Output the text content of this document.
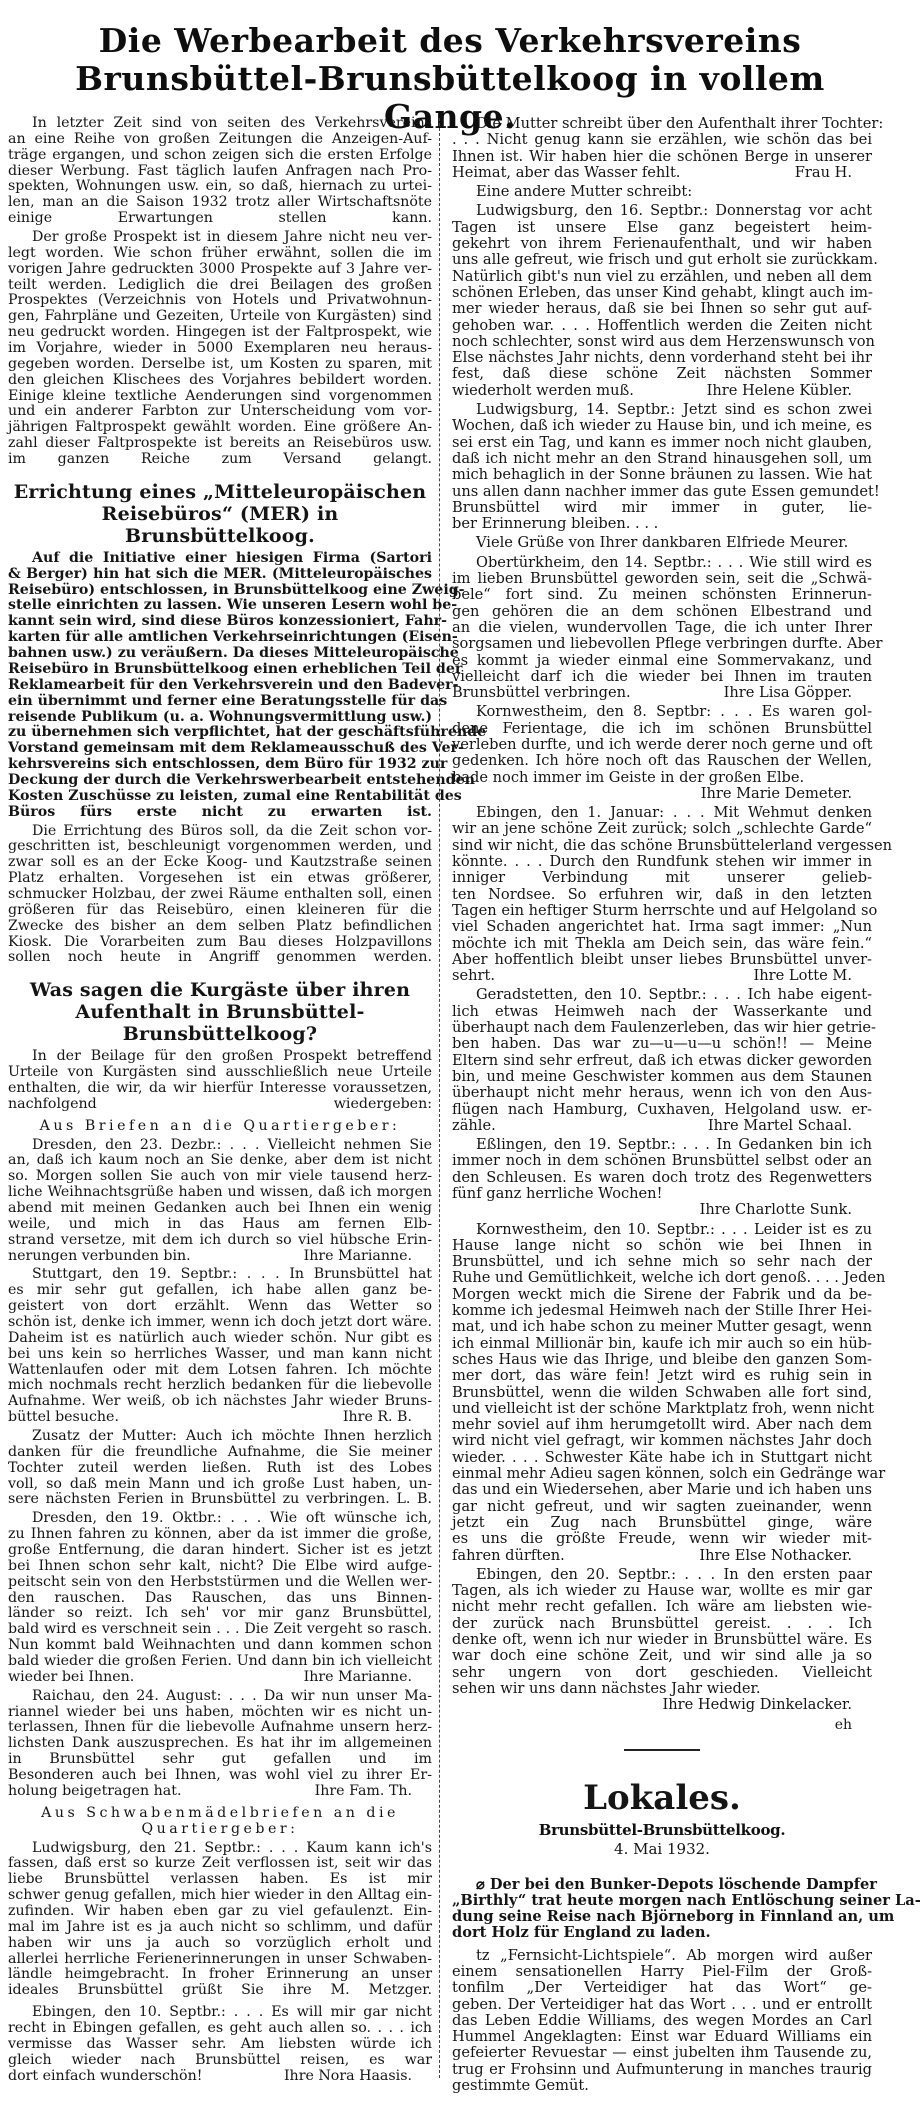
Die Werbearbeit des Verkehrsvereins
Brunsbüttel-Brunsbüttelkoog in vollem Gange.
In letzter Zeit sind von seiten des Verkehrsvereins
an eine Reihe von großen Zeitungen die Anzeigen-Auf-
träge ergangen, und schon zeigen sich die ersten Erfolge
dieser Werbung. Fast täglich laufen Anfragen nach Pro-
spekten, Wohnungen usw. ein, so daß, hiernach zu urtei-
len, man an die Saison 1932 trotz aller Wirtschaftsnöte
einige Erwartungen stellen kann.
Der große Prospekt ist in diesem Jahre nicht neu ver-
legt worden. Wie schon früher erwähnt, sollen die im
vorigen Jahre gedruckten 3000 Prospekte auf 3 Jahre ver-
teilt werden. Lediglich die drei Beilagen des großen
Prospektes (Verzeichnis von Hotels und Privatwohnun-
gen, Fahrpläne und Gezeiten, Urteile von Kurgästen) sind
neu gedruckt worden. Hingegen ist der Faltprospekt, wie
im Vorjahre, wieder in 5000 Exemplaren neu heraus-
gegeben worden. Derselbe ist, um Kosten zu sparen, mit
den gleichen Klischees des Vorjahres bebildert worden.
Einige kleine textliche Aenderungen sind vorgenommen
und ein anderer Farbton zur Unterscheidung vom vor-
jährigen Faltprospekt gewählt worden. Eine größere An-
zahl dieser Faltprospekte ist bereits an Reisebüros usw.
im ganzen Reiche zum Versand gelangt.
Errichtung eines „Mitteleuropäischen
Reisebüros“ (MER) in Brunsbüttelkoog.
Auf die Initiative einer hiesigen Firma (Sartori
& Berger) hin hat sich die MER. (Mitteleuropäisches
Reisebüro) entschlossen, in Brunsbüttelkoog eine Zweig-
stelle einrichten zu lassen. Wie unseren Lesern wohl be-
kannt sein wird, sind diese Büros konzessioniert, Fahr-
karten für alle amtlichen Verkehrseinrichtungen (Eisen-
bahnen usw.) zu veräußern. Da dieses Mitteleuropäische
Reisebüro in Brunsbüttelkoog einen erheblichen Teil der
Reklamearbeit für den Verkehrsverein und den Badever-
ein übernimmt und ferner eine Beratungsstelle für das
reisende Publikum (u. a. Wohnungsvermittlung usw.)
zu übernehmen sich verpflichtet, hat der geschäftsführende
Vorstand gemeinsam mit dem Reklameausschuß des Ver-
kehrsvereins sich entschlossen, dem Büro für 1932 zur
Deckung der durch die Verkehrswerbearbeit entstehenden
Kosten Zuschüsse zu leisten, zumal eine Rentabilität des
Büros fürs erste nicht zu erwarten ist.
Die Errichtung des Büros soll, da die Zeit schon vor-
geschritten ist, beschleunigt vorgenommen werden, und
zwar soll es an der Ecke Koog- und Kautzstraße seinen
Platz erhalten. Vorgesehen ist ein etwas größerer,
schmucker Holzbau, der zwei Räume enthalten soll, einen
größeren für das Reisebüro, einen kleineren für die
Zwecke des bisher an dem selben Platz befindlichen
Kiosk. Die Vorarbeiten zum Bau dieses Holzpavillons
sollen noch heute in Angriff genommen werden.
Was sagen die Kurgäste über ihren
Aufenthalt in Brunsbüttel-Brunsbüttelkoog?
In der Beilage für den großen Prospekt betreffend
Urteile von Kurgästen sind ausschließlich neue Urteile
enthalten, die wir, da wir hierfür Interesse voraussetzen,
nachfolgend wiedergeben:
Aus Briefen an die Quartiergeber:
Dresden, den 23. Dezbr.: . . . Vielleicht nehmen Sie
an, daß ich kaum noch an Sie denke, aber dem ist nicht
so. Morgen sollen Sie auch von mir viele tausend herz-
liche Weihnachtsgrüße haben und wissen, daß ich morgen
abend mit meinen Gedanken auch bei Ihnen ein wenig
weile, und mich in das Haus am fernen Elb-
strand versetze, mit dem ich durch so viel hübsche Erin-
nerungen verbunden bin.	Ihre Marianne.
Stuttgart, den 19. Septbr.: . . . In Brunsbüttel hat
es mir sehr gut gefallen, ich habe allen ganz be-
geistert von dort erzählt. Wenn das Wetter so
schön ist, denke ich immer, wenn ich doch jetzt dort wäre.
Daheim ist es natürlich auch wieder schön. Nur gibt es
bei uns kein so herrliches Wasser, und man kann nicht
Wattenlaufen oder mit dem Lotsen fahren. Ich möchte
mich nochmals recht herzlich bedanken für die liebevolle
Aufnahme. Wer weiß, ob ich nächstes Jahr wieder Bruns-
büttel besuche.	Ihre R. B.
Zusatz der Mutter: Auch ich möchte Ihnen herzlich
danken für die freundliche Aufnahme, die Sie meiner
Tochter zuteil werden ließen. Ruth ist des Lobes
voll, so daß mein Mann und ich große Lust haben, un-
sere nächsten Ferien in Brunsbüttel zu verbringen. L. B.
Dresden, den 19. Oktbr.: . . . Wie oft wünsche ich,
zu Ihnen fahren zu können, aber da ist immer die große,
große Entfernung, die daran hindert. Sicher ist es jetzt
bei Ihnen schon sehr kalt, nicht? Die Elbe wird aufge-
peitscht sein von den Herbststürmen und die Wellen wer-
den rauschen. Das Rauschen, das uns Binnen-
länder so reizt. Ich seh' vor mir ganz Brunsbüttel,
bald wird es verschneit sein . . . Die Zeit vergeht so rasch.
Nun kommt bald Weihnachten und dann kommen schon
bald wieder die großen Ferien. Und dann bin ich vielleicht
wieder bei Ihnen.	Ihre Marianne.
Raichau, den 24. August: . . . Da wir nun unser Ma-
riannel wieder bei uns haben, möchten wir es nicht un-
terlassen, Ihnen für die liebevolle Aufnahme unsern herz-
lichsten Dank auszusprechen. Es hat ihr im allgemeinen
in Brunsbüttel sehr gut gefallen und im
Besonderen auch bei Ihnen, was wohl viel zu ihrer Er-
holung beigetragen hat.	Ihre Fam. Th.
Aus Schwabenmädelbriefen an die
Quartiergeber:
Ludwigsburg, den 21. Septbr.: . . . Kaum kann ich's
fassen, daß erst so kurze Zeit verflossen ist, seit wir das
liebe Brunsbüttel verlassen haben. Es ist mir
schwer genug gefallen, mich hier wieder in den Alltag ein-
zufinden. Wir haben eben gar zu viel gefaulenzt. Ein-
mal im Jahre ist es ja auch nicht so schlimm, und dafür
haben wir uns ja auch so vorzüglich erholt und
allerlei herrliche Ferienerinnerungen in unser Schwaben-
ländle heimgebracht. In froher Erinnerung an unser
ideales Brunsbüttel grüßt Sie ihre M. Metzger.
Ebingen, den 10. Septbr.: . . . Es will mir gar nicht
recht in Ebingen gefallen, es geht auch allen so. . . . ich
vermisse das Wasser sehr. Am liebsten würde ich
gleich wieder nach Brunsbüttel reisen, es war
dort einfach wunderschön!	Ihre Nora Haasis.
Die Mutter schreibt über den Aufenthalt ihrer Tochter:
. . . Nicht genug kann sie erzählen, wie schön das bei
Ihnen ist. Wir haben hier die schönen Berge in unserer
Heimat, aber das Wasser fehlt.	Frau H.
Eine andere Mutter schreibt:
Ludwigsburg, den 16. Septbr.: Donnerstag vor acht
Tagen ist unsere Else ganz begeistert heim-
gekehrt von ihrem Ferienaufenthalt, und wir haben
uns alle gefreut, wie frisch und gut erholt sie zurückkam.
Natürlich gibt's nun viel zu erzählen, und neben all dem
schönen Erleben, das unser Kind gehabt, klingt auch im-
mer wieder heraus, daß sie bei Ihnen so sehr gut auf-
gehoben war. . . . Hoffentlich werden die Zeiten nicht
noch schlechter, sonst wird aus dem Herzenswunsch von
Else nächstes Jahr nichts, denn vorderhand steht bei ihr
fest, daß diese schöne Zeit nächsten Sommer
wiederholt werden muß.	Ihre Helene Kübler.
Ludwigsburg, 14. Septbr.: Jetzt sind es schon zwei
Wochen, daß ich wieder zu Hause bin, und ich meine, es
sei erst ein Tag, und kann es immer noch nicht glauben,
daß ich nicht mehr an den Strand hinausgehen soll, um
mich behaglich in der Sonne bräunen zu lassen. Wie hat
uns allen dann nachher immer das gute Essen gemundet!
Brunsbüttel wird mir immer in guter, lie-
ber Erinnerung bleiben. . . .
Viele Grüße von Ihrer dankbaren Elfriede Meurer.
Obertürkheim, den 14. Septbr.: . . . Wie still wird es
im lieben Brunsbüttel geworden sein, seit die „Schwä-
bele“ fort sind. Zu meinen schönsten Erinnerun-
gen gehören die an dem schönen Elbestrand und
an die vielen, wundervollen Tage, die ich unter Ihrer
sorgsamen und liebevollen Pflege verbringen durfte. Aber
es kommt ja wieder einmal eine Sommervakanz, und
vielleicht darf ich die wieder bei Ihnen im trauten
Brunsbüttel verbringen.	Ihre Lisa Göpper.
Kornwestheim, den 8. Septbr: . . . Es waren gol-
dene Ferientage, die ich im schönen Brunsbüttel
verleben durfte, und ich werde derer noch gerne und oft
gedenken. Ich höre noch oft das Rauschen der Wellen,
bade noch immer im Geiste in der großen Elbe.
Ihre Marie Demeter.
Ebingen, den 1. Januar: . . . Mit Wehmut denken
wir an jene schöne Zeit zurück; solch „schlechte Garde“
sind wir nicht, die das schöne Brunsbüttelerland vergessen
könnte. . . . Durch den Rundfunk stehen wir immer in
inniger Verbindung mit unserer gelieb-
ten Nordsee. So erfuhren wir, daß in den letzten
Tagen ein heftiger Sturm herrschte und auf Helgoland so
viel Schaden angerichtet hat. Irma sagt immer: „Nun
möchte ich mit Thekla am Deich sein, das wäre fein.“
Aber hoffentlich bleibt unser liebes Brunsbüttel unver-
sehrt.	Ihre Lotte M.
Geradstetten, den 10. Septbr.: . . . Ich habe eigent-
lich etwas Heimweh nach der Wasserkante und
überhaupt nach dem Faulenzerleben, das wir hier getrie-
ben haben. Das war zu—u—u—u schön!! — Meine
Eltern sind sehr erfreut, daß ich etwas dicker geworden
bin, und meine Geschwister kommen aus dem Staunen
überhaupt nicht mehr heraus, wenn ich von den Aus-
flügen nach Hamburg, Cuxhaven, Helgoland usw. er-
zähle.	Ihre Martel Schaal.
Eßlingen, den 19. Septbr.: . . . In Gedanken bin ich
immer noch in dem schönen Brunsbüttel selbst oder an
den Schleusen. Es waren doch trotz des Regenwetters
fünf ganz herrliche Wochen!
Ihre Charlotte Sunk.
Kornwestheim, den 10. Septbr.: . . . Leider ist es zu
Hause lange nicht so schön wie bei Ihnen in
Brunsbüttel, und ich sehne mich so sehr nach der
Ruhe und Gemütlichkeit, welche ich dort genoß. . . . Jeden
Morgen weckt mich die Sirene der Fabrik und da be-
komme ich jedesmal Heimweh nach der Stille Ihrer Hei-
mat, und ich habe schon zu meiner Mutter gesagt, wenn
ich einmal Millionär bin, kaufe ich mir auch so ein hüb-
sches Haus wie das Ihrige, und bleibe den ganzen Som-
mer dort, das wäre fein! Jetzt wird es ruhig sein in
Brunsbüttel, wenn die wilden Schwaben alle fort sind,
und vielleicht ist der schöne Marktplatz froh, wenn nicht
mehr soviel auf ihm herumgetollt wird. Aber nach dem
wird nicht viel gefragt, wir kommen nächstes Jahr doch
wieder. . . . Schwester Käte habe ich in Stuttgart nicht
einmal mehr Adieu sagen können, solch ein Gedränge war
das und ein Wiedersehen, aber Marie und ich haben uns
gar nicht gefreut, und wir sagten zueinander, wenn
jetzt ein Zug nach Brunsbüttel ginge, wäre
es uns die größte Freude, wenn wir wieder mit-
fahren dürften.	Ihre Else Nothacker.
Ebingen, den 20. Septbr.: . . . In den ersten paar
Tagen, als ich wieder zu Hause war, wollte es mir gar
nicht mehr recht gefallen. Ich wäre am liebsten wie-
der zurück nach Brunsbüttel gereist. . . . Ich
denke oft, wenn ich nur wieder in Brunsbüttel wäre. Es
war doch eine schöne Zeit, und wir sind alle ja so
sehr ungern von dort geschieden. Vielleicht
sehen wir uns dann nächstes Jahr wieder.
Ihre Hedwig Dinkelacker.
eh
Lokales.
Brunsbüttel-Brunsbüttelkoog.
4. Mai 1932.
⌀ Der bei den Bunker-Depots löschende Dampfer
„Birthly“ trat heute morgen nach Entlöschung seiner La-
dung seine Reise nach Björneborg in Finnland an, um
dort Holz für England zu laden.
tz „Fernsicht-Lichtspiele“. Ab morgen wird außer
einem sensationellen Harry Piel-Film der Groß-
tonfilm „Der Verteidiger hat das Wort“ ge-
geben. Der Verteidiger hat das Wort . . . und er entrollt
das Leben Eddie Williams, des wegen Mordes an Carl
Hummel Angeklagten: Einst war Eduard Williams ein
gefeierter Revuestar — einst jubelten ihm Tausende zu,
trug er Frohsinn und Aufmunterung in manches traurig
gestimmte Gemüt.
